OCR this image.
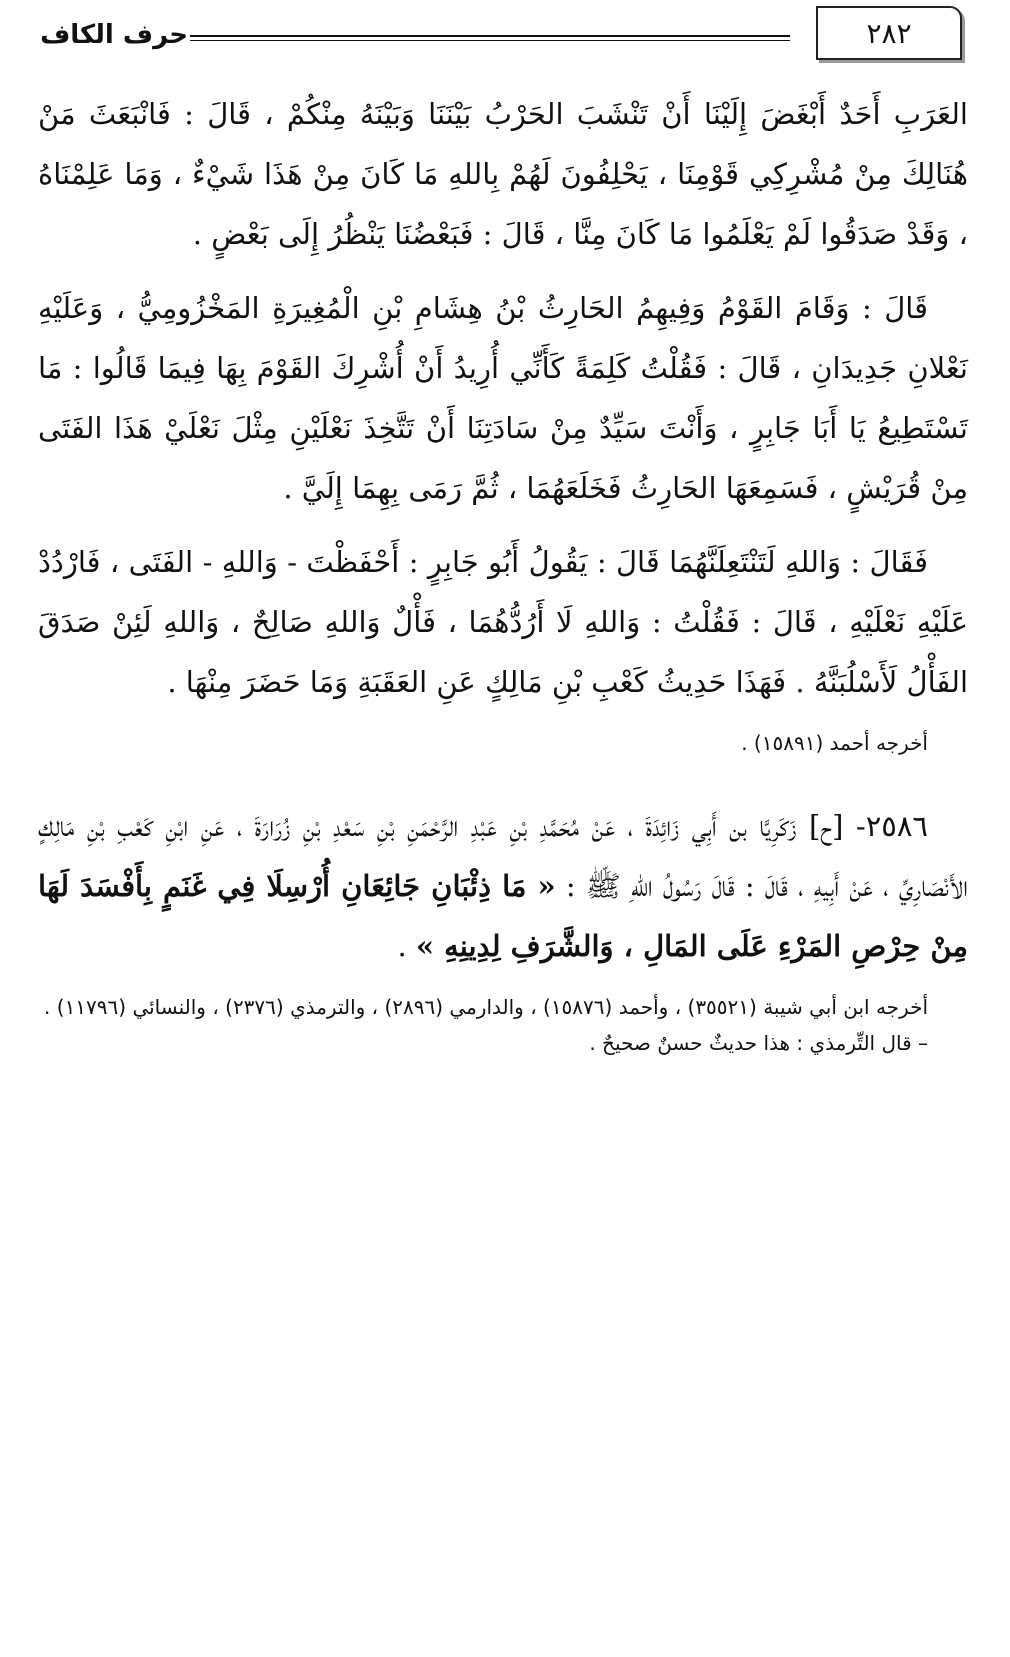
٢٨٢
حرف الكاف

العَرَبِ أَحَدٌ أَبْغَضَ إِلَيْنَا أَنْ تَنْشَبَ الحَرْبُ بَيْنَنَا وَبَيْنَهُ مِنْكُمْ ، قَالَ : فَانْبَعَثَ مَنْ هُنَالِكَ مِنْ مُشْرِكِي قَوْمِنَا ، يَحْلِفُونَ لَهُمْ بِاللهِ مَا كَانَ مِنْ هَذَا شَيْءٌ ، وَمَا عَلِمْنَاهُ ، وَقَدْ صَدَقُوا لَمْ يَعْلَمُوا مَا كَانَ مِنَّا ، قَالَ : فَبَعْضُنَا يَنْظُرُ إِلَى بَعْضٍ .

قَالَ : وَقَامَ القَوْمُ وَفِيهِمُ الحَارِثُ بْنُ هِشَامِ بْنِ الْمُغِيرَةِ المَخْزُومِيُّ ، وَعَلَيْهِ نَعْلانِ جَدِيدَانِ ، قَالَ : فَقُلْتُ كَلِمَةً كَأَنِّي أُرِيدُ أَنْ أُشْرِكَ القَوْمَ بِهَا فِيمَا قَالُوا : مَا تَسْتَطِيعُ يَا أَبَا جَابِرٍ ، وَأَنْتَ سَيِّدٌ مِنْ سَادَتِنَا أَنْ تَتَّخِذَ نَعْلَيْنِ مِثْلَ نَعْلَيْ هَذَا الفَتَى مِنْ قُرَيْشٍ ، فَسَمِعَهَا الحَارِثُ فَخَلَعَهُمَا ، ثُمَّ رَمَى بِهِمَا إِلَيَّ .

فَقَالَ : وَاللهِ لَتَنْتَعِلَنَّهُمَا قَالَ : يَقُولُ أَبُو جَابِرٍ : أَحْفَظْتَ - وَاللهِ - الفَتَى ، فَارْدُدْ عَلَيْهِ نَعْلَيْهِ ، قَالَ : فَقُلْتُ : وَاللهِ لَا أَرُدُّهُمَا ، فَأْلٌ وَاللهِ صَالِحٌ ، وَاللهِ لَئِنْ صَدَقَ الفَأْلُ لَأَسْلُبَنَّهُ . فَهَذَا حَدِيثُ كَعْبِ بْنِ مَالِكٍ عَنِ العَقَبَةِ وَمَا حَضَرَ مِنْهَا .

أخرجه أحمد (١٥٨٩١) .

٢٥٨٦- [ح] زَكَرِيَّا بن أَبِي زَائِدَةَ ، عَنْ مُحَمَّدِ بْنِ عَبْدِ الرَّحْمَنِ بْنِ سَعْدِ بْنِ زُرَارَةَ ، عَنِ ابْنِ كَعْبِ بْنِ مَالِكٍ الأَنْصَارِيِّ ، عَنْ أَبِيهِ ، قَالَ : قَالَ رَسُولُ اللهِ ﷺ : « مَا ذِئْبَانِ جَائِعَانِ أُرْسِلَا فِي غَنَمٍ بِأَفْسَدَ لَهَا مِنْ حِرْصِ المَرْءِ عَلَى المَالِ ، وَالشَّرَفِ لِدِينِهِ » .

أخرجه ابن أبي شيبة (٣٥٥٢١) ، وأحمد (١٥٨٧٦) ، والدارمي (٢٨٩٦) ، والترمذي (٢٣٧٦) ، والنسائي (١١٧٩٦) .
– قال التِّرمذي : هذا حديثٌ حسنٌ صحيحٌ .
